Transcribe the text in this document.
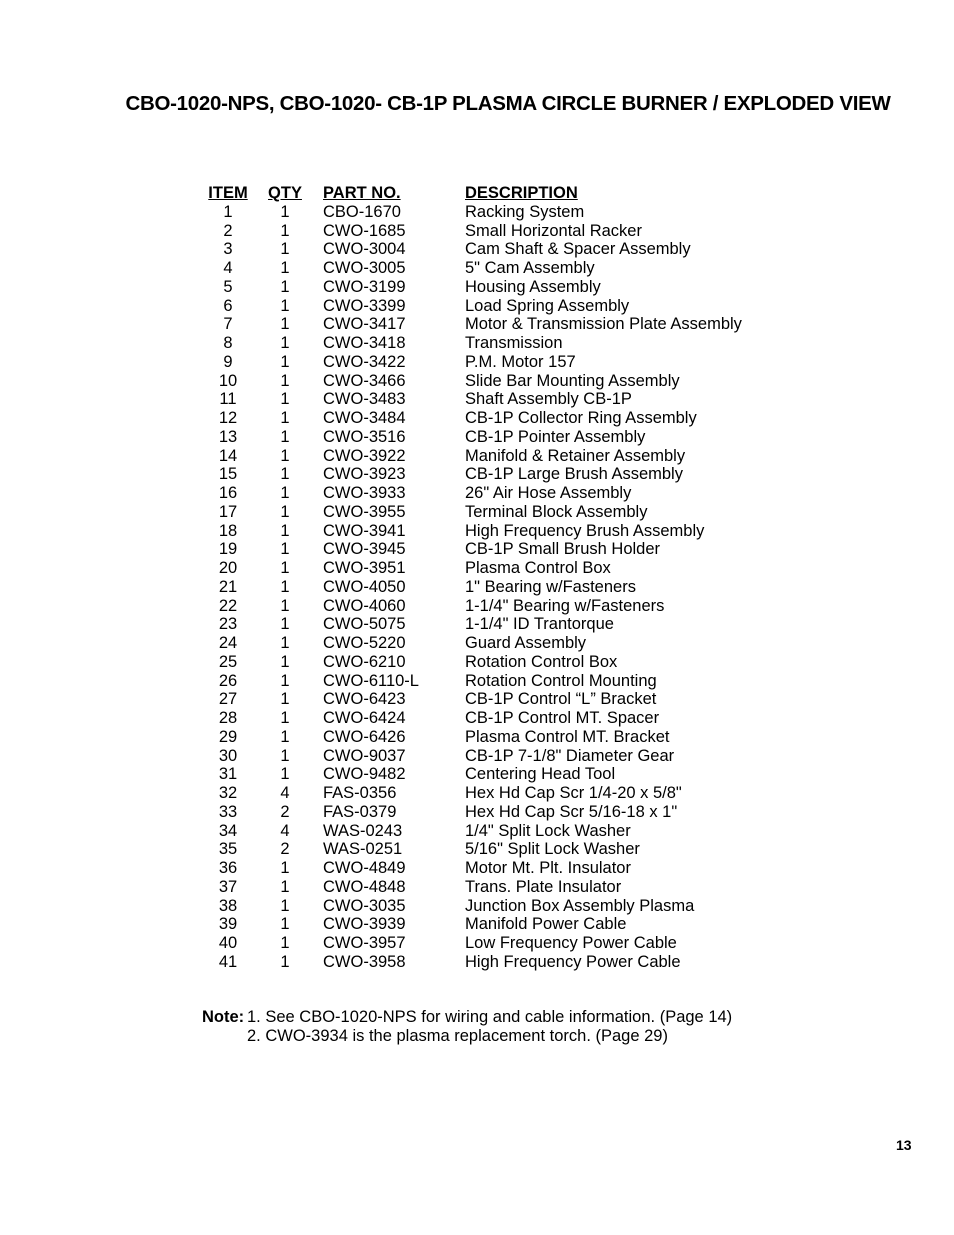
CBO-1020-NPS, CBO-1020- CB-1P PLASMA CIRCLE BURNER / EXPLODED VIEW
ITEM	QTY PART NO.	DESCRIPTION
1	1	CBO-1670	Racking System
2	1	CWO-1685	Small Horizontal Racker
3	1	CWO-3004	Cam Shaft & Spacer Assembly
4	1	CWO-3005	5" Cam Assembly
5	1	CWO-3199	Housing Assembly
6	1	CWO-3399	Load Spring Assembly
7	1	CWO-3417	Motor & Transmission Plate Assembly
8	1	CWO-3418	Transmission
9	1	CWO-3422	P.M. Motor 157
10	1	CWO-3466	Slide Bar Mounting Assembly
11	1	CWO-3483	Shaft Assembly CB-1P
12	1	CWO-3484	CB-1P Collector Ring Assembly
13	1	CWO-3516	CB-1P Pointer Assembly
14	1	CWO-3922	Manifold & Retainer Assembly
15	1	CWO-3923	CB-1P Large Brush Assembly
16	1	CWO-3933	26" Air Hose Assembly
17	1	CWO-3955	Terminal Block Assembly
18	1	CWO-3941	High Frequency Brush Assembly
19	1	CWO-3945	CB-1P Small Brush Holder
20	1	CWO-3951	Plasma Control Box
21	1	CWO-4050	1" Bearing w/Fasteners
22	1	CWO-4060	1-1/4" Bearing w/Fasteners
23	1	CWO-5075	1-1/4" ID Trantorque
24	1	CWO-5220	Guard Assembly
25	1	CWO-6210	Rotation Control Box
26	1	CWO-6110-L	Rotation Control Mounting
27	1	CWO-6423	CB-1P Control “L” Bracket
28	1	CWO-6424	CB-1P Control MT. Spacer
29	1	CWO-6426	Plasma Control MT. Bracket
30	1	CWO-9037	CB-1P 7-1/8" Diameter Gear
31	1	CWO-9482	Centering Head Tool
32	4	FAS-0356	Hex Hd Cap Scr 1/4-20 x 5/8"
33	2	FAS-0379	Hex Hd Cap Scr 5/16-18 x 1"
34	4	WAS-0243	1/4" Split Lock Washer
35	2	WAS-0251	5/16" Split Lock Washer
36	1	CWO-4849	Motor Mt. Plt. Insulator
37	1	CWO-4848	Trans. Plate Insulator
38	1	CWO-3035	Junction Box Assembly Plasma
39	1	CWO-3939	Manifold Power Cable
40	1	CWO-3957	Low Frequency Power Cable
41	1	CWO-3958	High Frequency Power Cable
Note: 1. See CBO-1020-NPS for wiring and cable information. (Page 14)
2. CWO-3934 is the plasma replacement torch. (Page 29)
13
